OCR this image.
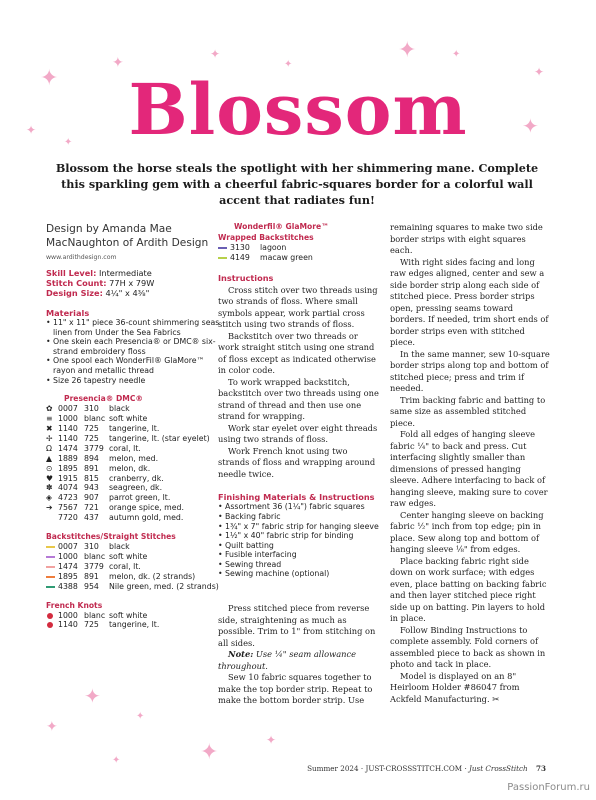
✦
✦
✦
✦
✦	✦
✦
✦
✦
✦
Blossom

Blossom the horse steals the spotlight with her shimmering mane. Complete this sparkling gem with a cheerful fabric-squares border for a colorful wall accent that radiates fun!

Design by Amanda Mae MacNaughton of Ardith Design
www.ardithdesign.com
Skill Level: Intermediate
Stitch Count: 77H x 79W
Design Size: 4¼" x 4⅜"
Materials
• 11" x 11" piece 36-count shimmering seas linen from Under the Sea Fabrics
• One skein each Presencia® or DMC® six-strand embroidery floss
• One spool each WonderFil® GlaMore™ rayon and metallic thread
• Size 26 tapestry needle
Presencia® DMC®
✿ 0007 310	black
≡ 1000 blanc soft white
✖ 1140 725	tangerine, lt.
✢ 1140 725	tangerine, lt. (star eyelet)
Ω 1474 3779 coral, lt.
▲ 1889 894	melon, med.
⊙ 1895 891	melon, dk.
♥ 1915 815	cranberry, dk.
✽ 4074 943	seagreen, dk.
◈ 4723 907	parrot green, lt.
➔ 7567 721	orange spice, med.
7720 437	autumn gold, med.
Backstitches/Straight Stitches
0007 310	black
1000 blanc soft white
1474 3779 coral, lt.
1895 891	melon, dk. (2 strands)
4388 954	Nile green, med. (2 strands)
French Knots
1000 blanc soft white
1140 725	tangerine, lt.
Wonderfil® GlaMore™
Wrapped Backstitches
3130	lagoon
4149	macaw green
Instructions

Cross stitch over two threads using two strands of floss. Where small symbols appear, work partial cross stitch using two strands of floss.

Backstitch over two threads or work straight stitch using one strand of floss except as indicated otherwise in color code.

To work wrapped backstitch, backstitch over two threads using one strand of thread and then use one strand for wrapping.

Work star eyelet over eight threads using two strands of floss.

Work French knot using two strands of floss and wrapping around needle twice.

Finishing Materials & Instructions
• Assortment 36 (1¼") fabric squares
• Backing fabric
• 1¾" x 7" fabric strip for hanging sleeve
• 1½" x 40" fabric strip for binding
• Quilt batting
• Fusible interfacing
• Sewing thread
• Sewing machine (optional)

Press stitched piece from reverse side, straightening as much as possible. Trim to 1" from stitching on all sides.

Note: Use ¼" seam allowance throughout.

Sew 10 fabric squares together to make the top border strip. Repeat to make the bottom border strip. Use

remaining squares to make two side border strips with eight squares each.

With right sides facing and long raw edges aligned, center and sew a side border strip along each side of stitched piece. Press border strips open, pressing seams toward borders. If needed, trim short ends of border strips even with stitched piece.

In the same manner, sew 10-square border strips along top and bottom of stitched piece; press and trim if needed.

Trim backing fabric and batting to same size as assembled stitched piece.

Fold all edges of hanging sleeve fabric ¼" to back and press. Cut interfacing slightly smaller than dimensions of pressed hanging sleeve. Adhere interfacing to back of hanging sleeve, making sure to cover raw edges.

Center hanging sleeve on backing fabric ½" inch from top edge; pin in place. Sew along top and bottom of hanging sleeve ⅛" from edges.

Place backing fabric right side down on work surface; with edges even, place batting on backing fabric and then layer stitched piece right side up on batting. Pin layers to hold in place.

Follow Binding Instructions to complete assembly. Fold corners of assembled piece to back as shown in photo and tack in place.

Model is displayed on an 8" Heirloom Holder #86047 from Ackfeld Manufacturing. ✂

✦
✦
✦
✦	✦
✦
Summer 2024 · JUST-CROSSSTITCH.COM · Just CrossStitch 73
PassionForum.ru
